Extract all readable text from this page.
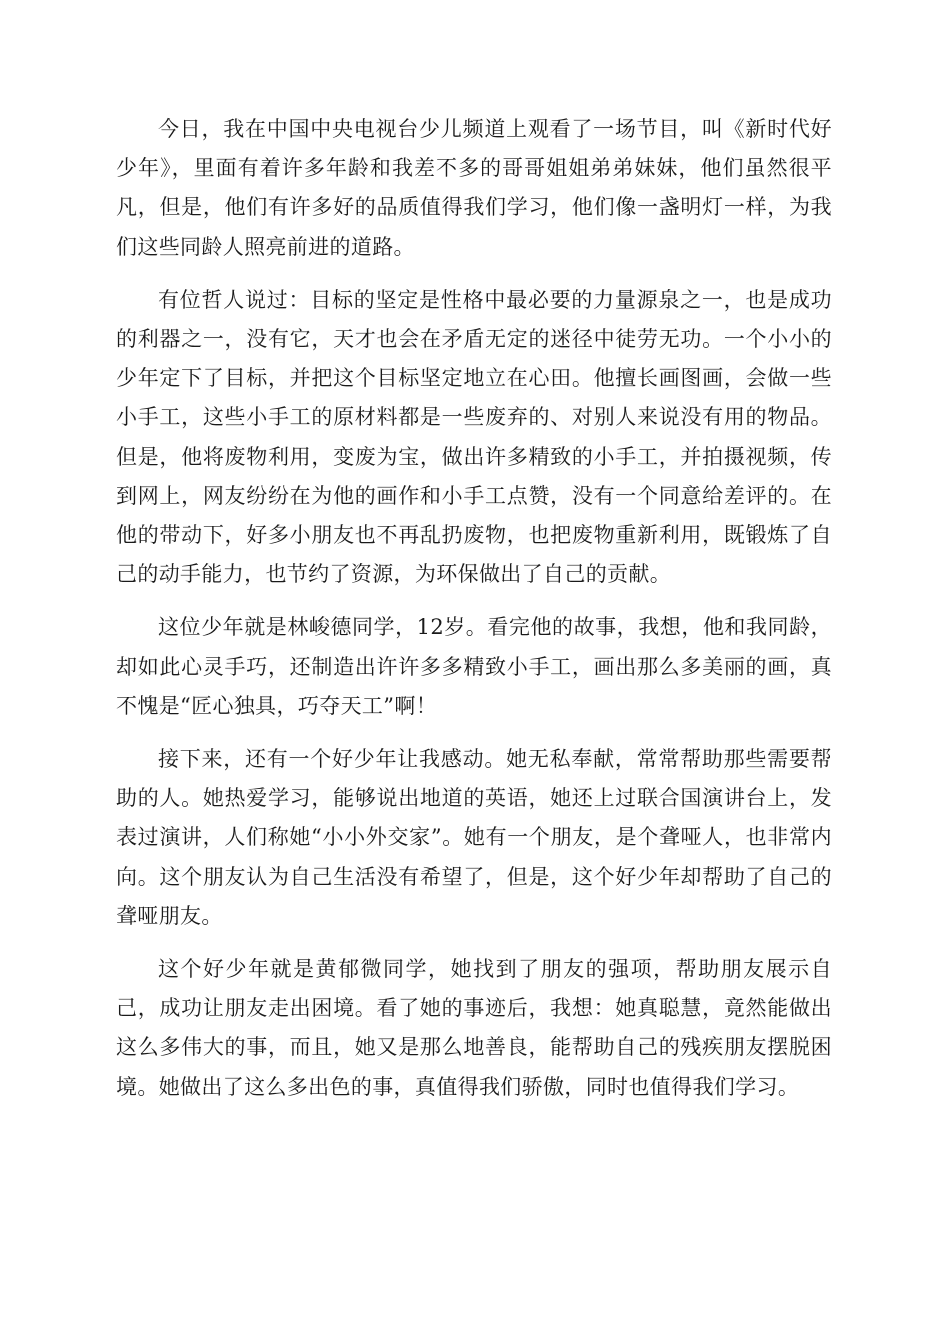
今日，我在中国中央电视台少儿频道上观看了一场节目，叫《新时代好少年》，里面有着许多年龄和我差不多的哥哥姐姐弟弟妹妹，他们虽然很平凡，但是，他们有许多好的品质值得我们学习，他们像一盏明灯一样，为我们这些同龄人照亮前进的道路。

有位哲人说过：目标的坚定是性格中最必要的力量源泉之一，也是成功的利器之一，没有它，天才也会在矛盾无定的迷径中徒劳无功。一个小小的少年定下了目标，并把这个目标坚定地立在心田。他擅长画图画，会做一些小手工，这些小手工的原材料都是一些废弃的、对别人来说没有用的物品。但是，他将废物利用，变废为宝，做出许多精致的小手工，并拍摄视频，传到网上，网友纷纷在为他的画作和小手工点赞，没有一个同意给差评的。在他的带动下，好多小朋友也不再乱扔废物，也把废物重新利用，既锻炼了自己的动手能力，也节约了资源，为环保做出了自己的贡献。

这位少年就是林峻德同学，12岁。看完他的故事，我想，他和我同龄，却如此心灵手巧，还制造出许许多多精致小手工，画出那么多美丽的画，真不愧是“匠心独具，巧夺天工”啊！

接下来，还有一个好少年让我感动。她无私奉献，常常帮助那些需要帮助的人。她热爱学习，能够说出地道的英语，她还上过联合国演讲台上，发表过演讲，人们称她“小小外交家”。她有一个朋友，是个聋哑人，也非常内向。这个朋友认为自己生活没有希望了，但是，这个好少年却帮助了自己的聋哑朋友。

这个好少年就是黄郁微同学，她找到了朋友的强项，帮助朋友展示自己，成功让朋友走出困境。看了她的事迹后，我想：她真聪慧，竟然能做出这么多伟大的事，而且，她又是那么地善良，能帮助自己的残疾朋友摆脱困境。她做出了这么多出色的事，真值得我们骄傲，同时也值得我们学习。
